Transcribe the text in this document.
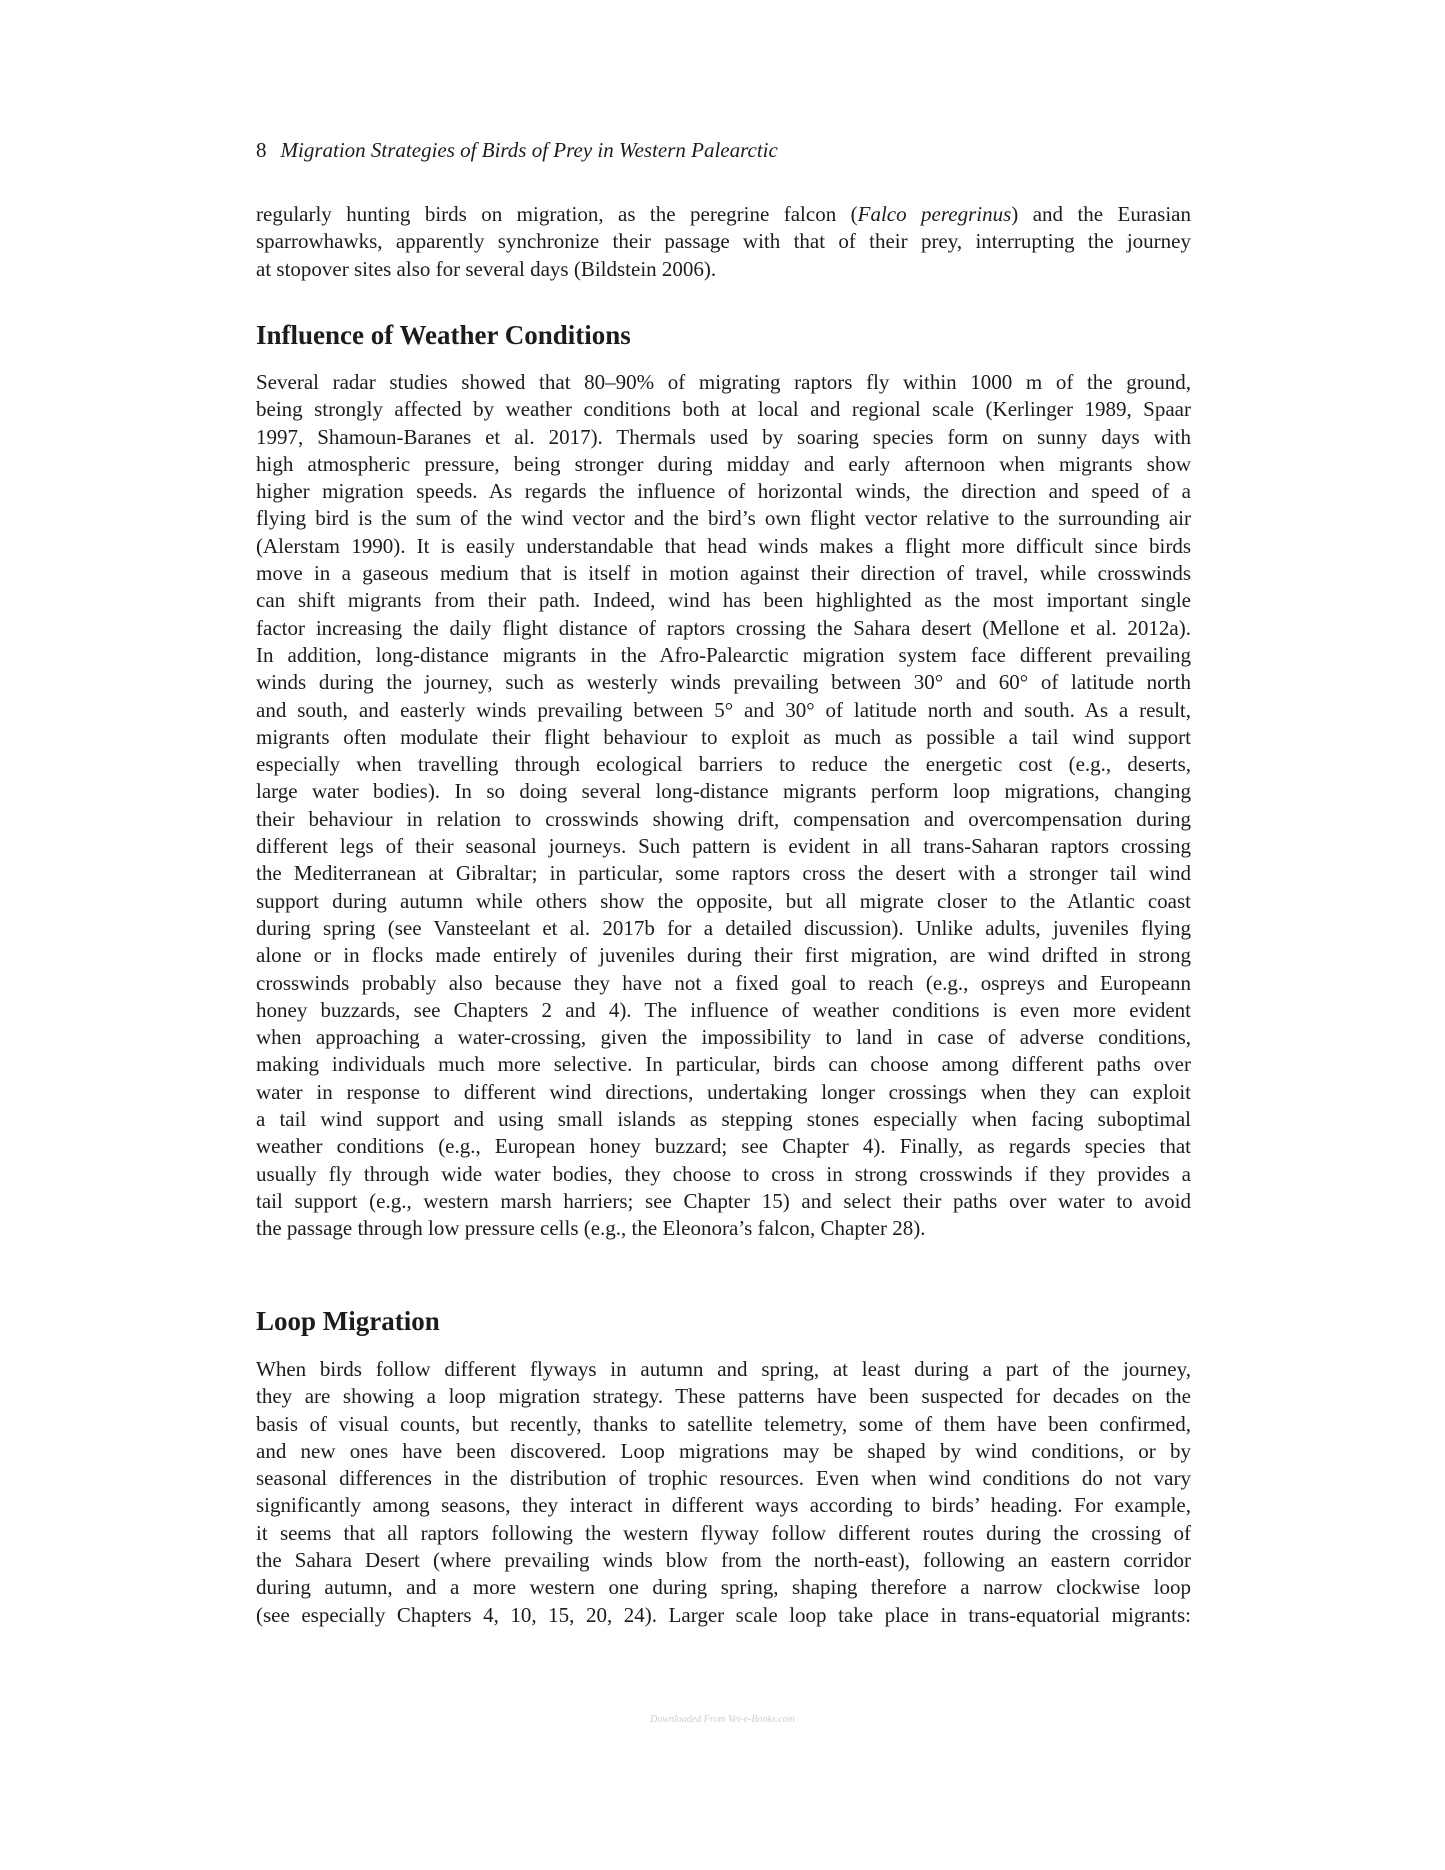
8 Migration Strategies of Birds of Prey in Western Palearctic
regularly hunting birds on migration, as the peregrine falcon (Falco peregrinus) and the Eurasian
sparrowhawks, apparently synchronize their passage with that of their prey, interrupting the journey
at stopover sites also for several days (Bildstein 2006).
Influence of Weather Conditions
Several radar studies showed that 80–90% of migrating raptors fly within 1000 m of the ground,
being strongly affected by weather conditions both at local and regional scale (Kerlinger 1989, Spaar
1997, Shamoun-Baranes et al. 2017). Thermals used by soaring species form on sunny days with
high atmospheric pressure, being stronger during midday and early afternoon when migrants show
higher migration speeds. As regards the influence of horizontal winds, the direction and speed of a
flying bird is the sum of the wind vector and the bird’s own flight vector relative to the surrounding air
(Alerstam 1990). It is easily understandable that head winds makes a flight more difficult since birds
move in a gaseous medium that is itself in motion against their direction of travel, while crosswinds
can shift migrants from their path. Indeed, wind has been highlighted as the most important single
factor increasing the daily flight distance of raptors crossing the Sahara desert (Mellone et al. 2012a).
In addition, long-distance migrants in the Afro-Palearctic migration system face different prevailing
winds during the journey, such as westerly winds prevailing between 30° and 60° of latitude north
and south, and easterly winds prevailing between 5° and 30° of latitude north and south. As a result,
migrants often modulate their flight behaviour to exploit as much as possible a tail wind support
especially when travelling through ecological barriers to reduce the energetic cost (e.g., deserts,
large water bodies). In so doing several long-distance migrants perform loop migrations, changing
their behaviour in relation to crosswinds showing drift, compensation and overcompensation during
different legs of their seasonal journeys. Such pattern is evident in all trans-Saharan raptors crossing
the Mediterranean at Gibraltar; in particular, some raptors cross the desert with a stronger tail wind
support during autumn while others show the opposite, but all migrate closer to the Atlantic coast
during spring (see Vansteelant et al. 2017b for a detailed discussion). Unlike adults, juveniles flying
alone or in flocks made entirely of juveniles during their first migration, are wind drifted in strong
crosswinds probably also because they have not a fixed goal to reach (e.g., ospreys and Europeann
honey buzzards, see Chapters 2 and 4). The influence of weather conditions is even more evident
when approaching a water-crossing, given the impossibility to land in case of adverse conditions,
making individuals much more selective. In particular, birds can choose among different paths over
water in response to different wind directions, undertaking longer crossings when they can exploit
a tail wind support and using small islands as stepping stones especially when facing suboptimal
weather conditions (e.g., European honey buzzard; see Chapter 4). Finally, as regards species that
usually fly through wide water bodies, they choose to cross in strong crosswinds if they provides a
tail support (e.g., western marsh harriers; see Chapter 15) and select their paths over water to avoid
the passage through low pressure cells (e.g., the Eleonora’s falcon, Chapter 28).
Loop Migration
When birds follow different flyways in autumn and spring, at least during a part of the journey,
they are showing a loop migration strategy. These patterns have been suspected for decades on the
basis of visual counts, but recently, thanks to satellite telemetry, some of them have been confirmed,
and new ones have been discovered. Loop migrations may be shaped by wind conditions, or by
seasonal differences in the distribution of trophic resources. Even when wind conditions do not vary
significantly among seasons, they interact in different ways according to birds’ heading. For example,
it seems that all raptors following the western flyway follow different routes during the crossing of
the Sahara Desert (where prevailing winds blow from the north-east), following an eastern corridor
during autumn, and a more western one during spring, shaping therefore a narrow clockwise loop
(see especially Chapters 4, 10, 15, 20, 24). Larger scale loop take place in trans-equatorial migrants:
Downloaded From Vet-e-Books.com
